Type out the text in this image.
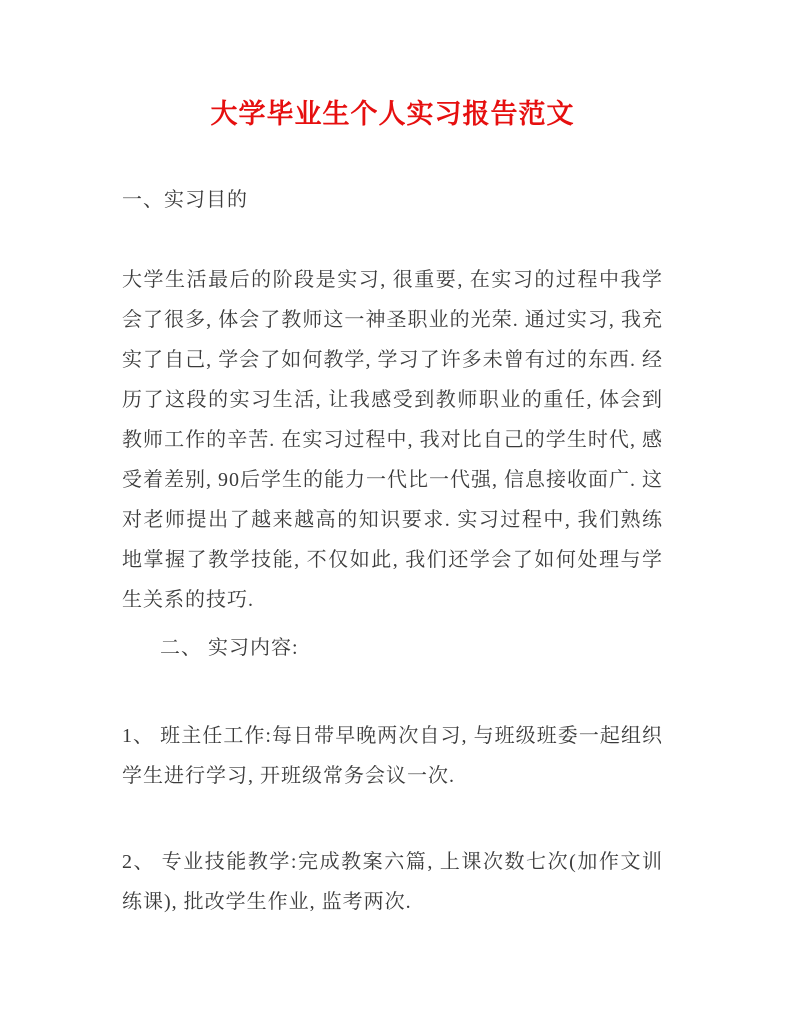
大学毕业生个人实习报告范文
一、实习目的
大学生活最后的阶段是实习, 很重要, 在实习的过程中我学会了很多, 体会了教师这一神圣职业的光荣. 通过实习, 我充实了自己, 学会了如何教学, 学习了许多未曾有过的东西. 经历了这段的实习生活, 让我感受到教师职业的重任, 体会到教师工作的辛苦. 在实习过程中, 我对比自己的学生时代, 感受着差别, 90后学生的能力一代比一代强, 信息接收面广. 这对老师提出了越来越高的知识要求. 实习过程中, 我们熟练地掌握了教学技能, 不仅如此, 我们还学会了如何处理与学生关系的技巧.
二、 实习内容:
1、 班主任工作:每日带早晚两次自习, 与班级班委一起组织学生进行学习, 开班级常务会议一次.
2、 专业技能教学:完成教案六篇, 上课次数七次(加作文训练课), 批改学生作业, 监考两次.
